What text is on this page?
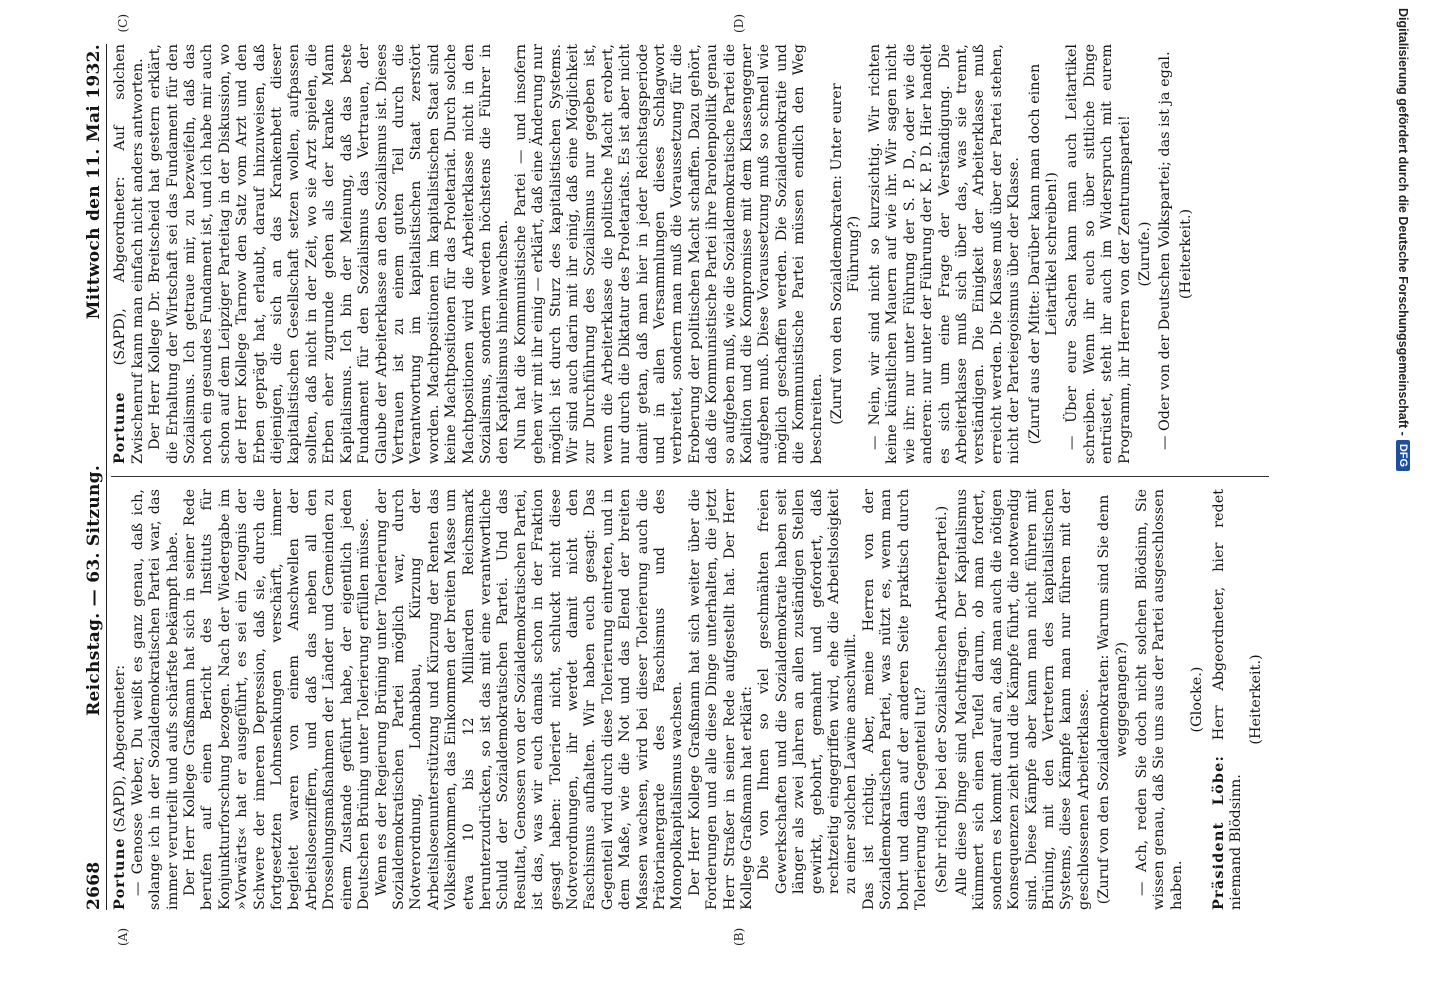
2668
Reichstag. — 63. Sitzung.
Mittwoch den 11. Mai 1932.
(A)	(B)

Portune (SAPD), Abgeordneter: — Genosse Weber, Du weißt es ganz genau, daß ich, solange ich in der Sozialdemokratischen Partei war, das immer verurteilt und aufs schärfste bekämpft habe. Der Herr Kollege Graßmann hat sich in seiner Rede berufen auf einen Bericht des Instituts für Konjunkturforschung bezogen. Nach der Wiedergabe im »Vorwärts« hat er ausgeführt, es sei ein Zeugnis der Schwere der inneren Depression, daß sie, durch die fortgesetzten Lohnsenkungen verschärft, immer begleitet waren von einem Anschwellen der Arbeitslosenziffern, und daß das neben all den Drosselungsmaßnahmen der Länder und Gemeinden zu einem Zustande geführt habe, der eigentlich jeden Deutschen Brüning unter Tolerierung erfüllen müsse. Wenn es der Regierung Brüning unter Tolerierung der Sozialdemokratischen Partei möglich war, durch Notverordnung, Lohnabbau, Kürzung der Arbeitslosenunterstützung und Kürzung der Renten das Volkseinkommen, das Einkommen der breiten Masse um etwa 10 bis 12 Milliarden Reichsmark herunterzudrücken, so ist das mit eine verantwortliche Schuld der Sozialdemokratischen Partei. Und das Resultat, Genossen von der Sozialdemokratischen Partei, ist das, was wir euch damals schon in der Fraktion gesagt haben: Toleriert nicht, schluckt nicht diese Notverordnungen, ihr werdet damit nicht den Faschismus aufhalten. Wir haben euch gesagt: Das Gegenteil wird durch diese Tolerierung eintreten, und in dem Maße, wie die Not und das Elend der breiten Massen wachsen, wird bei dieser Tolerierung auch die Prätorianergarde des Faschismus und des Monopolkapitalismus wachsen. Der Herr Kollege Graßmann hat sich weiter über die Forderungen und alle diese Dinge unterhalten, die jetzt Herr Straßer in seiner Rede aufgestellt hat. Der Herr Kollege Graßmann hat erklärt: Die von Ihnen so viel geschmähten freien Gewerkschaften und die Sozialdemokratie haben seit länger als zwei Jahren an allen zuständigen Stellen gewirkt, gebohrt, gemahnt und gefordert, daß rechtzeitig eingegriffen wird, ehe die Arbeitslosigkeit zu einer solchen Lawine anschwillt. Das ist richtig. Aber, meine Herren von der Sozialdemokratischen Partei, was nützt es, wenn man bohrt und dann auf der anderen Seite praktisch durch Tolerierung das Gegenteil tut? (Sehr richtig! bei der Sozialistischen Arbeiterpartei.) Alle diese Dinge sind Machtfragen. Der Kapitalismus kümmert sich einen Teufel darum, ob man fordert, sondern es kommt darauf an, daß man auch die nötigen Konsequenzen zieht und die Kämpfe führt, die notwendig sind. Diese Kämpfe aber kann man nicht führen mit Brüning, mit den Vertretern des kapitalistischen Systems, diese Kämpfe kann man nur führen mit der geschlossenen Arbeiterklasse. (Zuruf von den Sozialdemokraten: Warum sind Sie denn weggegangen?) — Ach, reden Sie doch nicht solchen Blödsinn, Sie wissen genau, daß Sie uns aus der Partei ausgeschlossen haben.

(Glocke.)

Präsident Löbe: Herr Abgeordneter, hier redet niemand Blödsinn.

(Heiterkeit.)
(C)	(D)

Portune (SAPD), Abgeordneter: Auf solchen Zwischenruf kann man einfach nicht anders antworten. Der Herr Kollege Dr. Breitscheid hat gestern erklärt, die Erhaltung der Wirtschaft sei das Fundament für den Sozialismus. Ich getraue mir, zu bezweifeln, daß das noch ein gesundes Fundament ist, und ich habe mir auch schon auf dem Leipziger Parteitag in der Diskussion, wo der Herr Kollege Tarnow den Satz vom Arzt und den Erben geprägt hat, erlaubt, darauf hinzuweisen, daß diejenigen, die sich an das Krankenbett dieser kapitalistischen Gesellschaft setzen wollen, aufpassen sollten, daß nicht in der Zeit, wo sie Arzt spielen, die Erben eher zugrunde gehen als der kranke Mann Kapitalismus. Ich bin der Meinung, daß das beste Fundament für den Sozialismus das Vertrauen, der Glaube der Arbeiterklasse an den Sozialismus ist. Dieses Vertrauen ist zu einem guten Teil durch die Verantwortung im kapitalistischen Staat zerstört worden. Machtpositionen im kapitalistischen Staat sind keine Machtpositionen für das Proletariat. Durch solche Machtpositionen wird die Arbeiterklasse nicht in den Sozialismus, sondern werden höchstens die Führer in den Kapitalismus hineinwachsen. Nun hat die Kommunistische Partei — und insofern gehen wir mit ihr einig — erklärt, daß eine Änderung nur möglich ist durch Sturz des kapitalistischen Systems. Wir sind auch darin mit ihr einig, daß eine Möglichkeit zur Durchführung des Sozialismus nur gegeben ist, wenn die Arbeiterklasse die politische Macht erobert, nur durch die Diktatur des Proletariats. Es ist aber nicht damit getan, daß man hier in jeder Reichstagsperiode und in allen Versammlungen dieses Schlagwort verbreitet, sondern man muß die Voraussetzung für die Eroberung der politischen Macht schaffen. Dazu gehört, daß die Kommunistische Partei ihre Parolenpolitik genau so aufgeben muß, wie die Sozialdemokratische Partei die Koalition und die Kompromisse mit dem Klassengegner aufgeben muß. Diese Voraussetzung muß so schnell wie möglich geschaffen werden. Die Sozialdemokratie und die Kommunistische Partei müssen endlich den Weg beschreiten. (Zuruf von den Sozialdemokraten: Unter eurer Führung?) — Nein, wir sind nicht so kurzsichtig. Wir richten keine künstlichen Mauern auf wie ihr. Wir sagen nicht wie ihr: nur unter Führung der S. P. D., oder wie die anderen: nur unter der Führung der K. P. D. Hier handelt es sich um eine Frage der Verständigung. Die Arbeiterklasse muß sich über das, was sie trennt, verständigen. Die Einigkeit der Arbeiterklasse muß erreicht werden. Die Klasse muß über der Partei stehen, nicht der Parteiegoismus über der Klasse. (Zuruf aus der Mitte: Darüber kann man doch einen Leitartikel schreiben!) — Über eure Sachen kann man auch Leitartikel schreiben. Wenn ihr euch so über sittliche Dinge entrüstet, steht ihr auch im Widerspruch mit eurem Programm, ihr Herren von der Zentrumspartei! (Zurufe.) — Oder von der Deutschen Volkspartei; das ist ja egal. (Heiterkeit.)	Digitalisierung gefördert durch die Deutsche Forschungsgemeinschaft -
DFG
